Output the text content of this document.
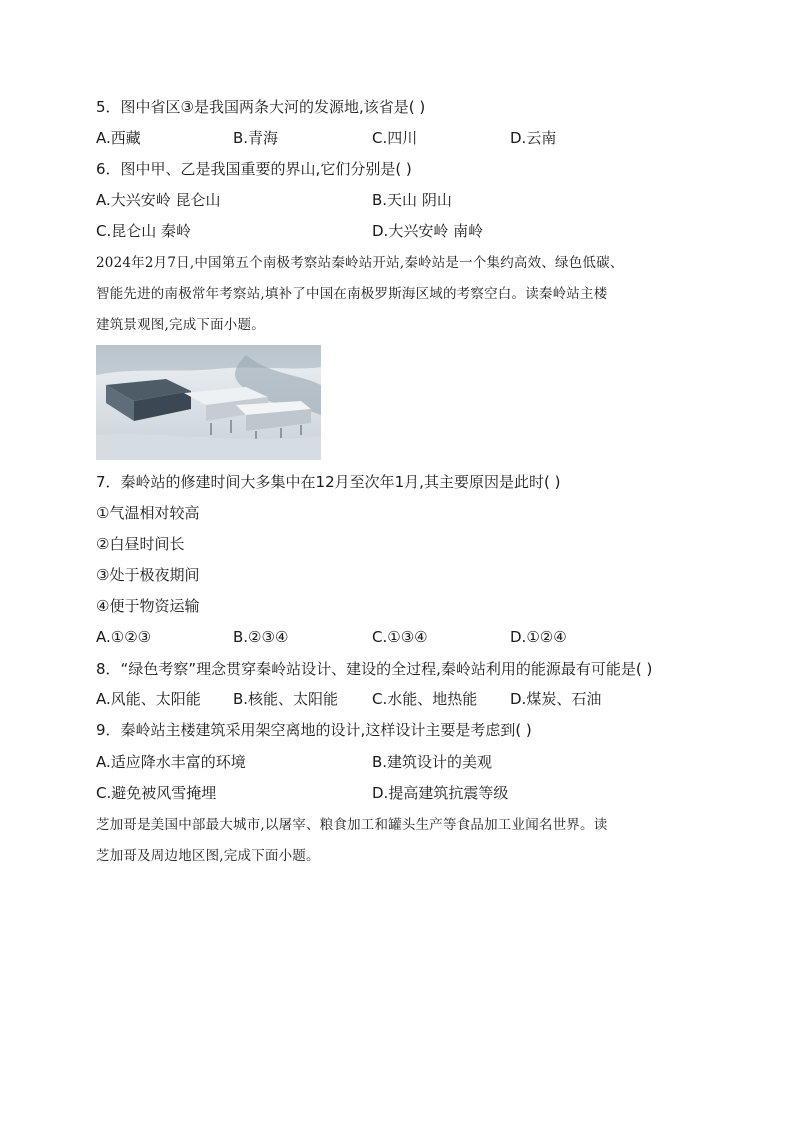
5．图中省区③是我国两条大河的发源地,该省是( )
A.西藏	B.青海	C.四川	D.云南
6．图中甲、乙是我国重要的界山,它们分别是( )
A.大兴安岭 昆仑山	B.天山 阴山
C.昆仑山 秦岭	D.大兴安岭 南岭
2024年2月7日,中国第五个南极考察站秦岭站开站,秦岭站是一个集约高效、绿色低碳、
智能先进的南极常年考察站,填补了中国在南极罗斯海区域的考察空白。读秦岭站主楼
建筑景观图,完成下面小题。
7．秦岭站的修建时间大多集中在12月至次年1月,其主要原因是此时( )
①气温相对较高
②白昼时间长
③处于极夜期间
④便于物资运输
A.①②③	B.②③④	C.①③④	D.①②④
8．“绿色考察”理念贯穿秦岭站设计、建设的全过程,秦岭站利用的能源最有可能是( )
A.风能、太阳能 B.核能、太阳能 C.水能、地热能 D.煤炭、石油
9．秦岭站主楼建筑采用架空离地的设计,这样设计主要是考虑到( )
A.适应降水丰富的环境	B.建筑设计的美观
C.避免被风雪掩埋	D.提高建筑抗震等级
芝加哥是美国中部最大城市,以屠宰、粮食加工和罐头生产等食品加工业闻名世界。读
芝加哥及周边地区图,完成下面小题。
